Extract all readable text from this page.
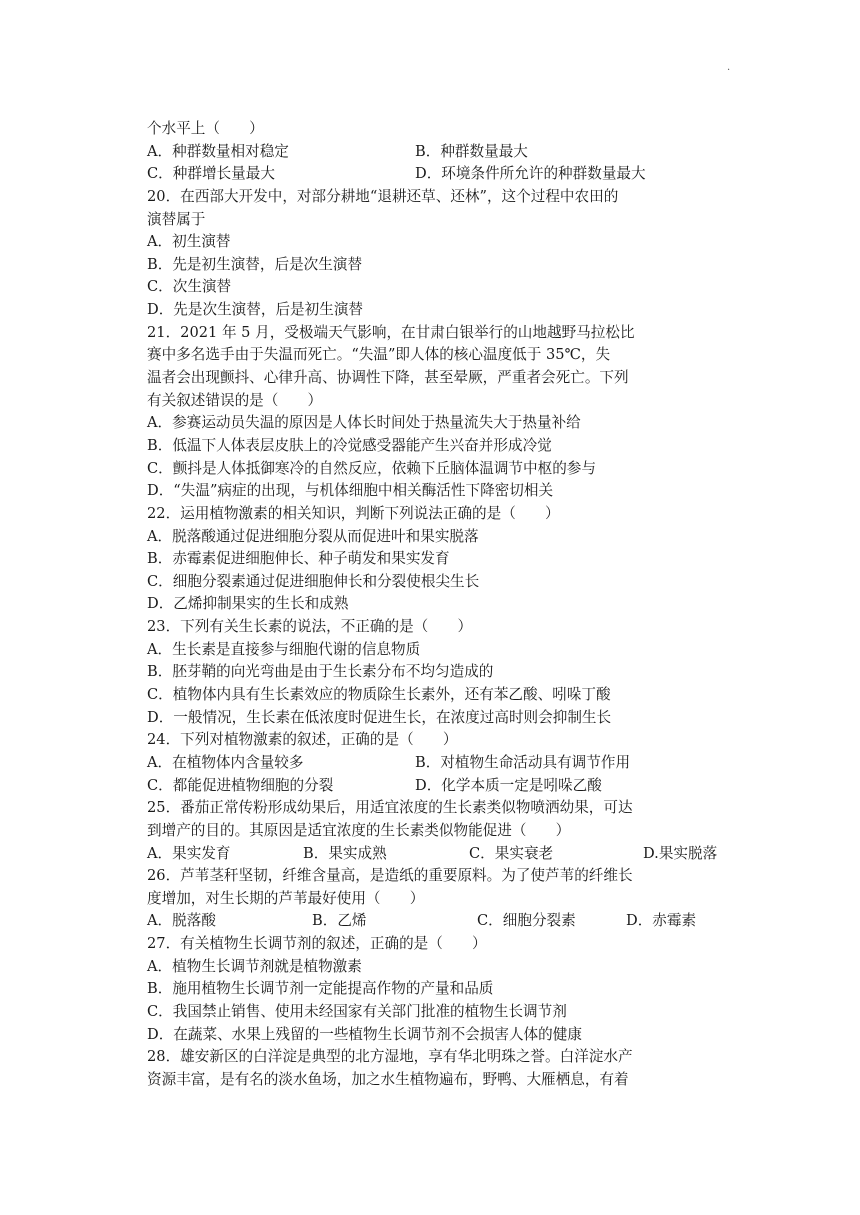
.
个水平上（　　）
A．种群数量相对稳定	B．种群数量最大
C．种群增长量最大	D．环境条件所允许的种群数量最大
20．在西部大开发中，对部分耕地“退耕还草、还林”，这个过程中农田的
演替属于
A．初生演替
B．先是初生演替，后是次生演替
C．次生演替
D．先是次生演替，后是初生演替
21．2021 年 5 月，受极端天气影响，在甘肃白银举行的山地越野马拉松比
赛中多名选手由于失温而死亡。“失温”即人体的核心温度低于 35℃，失
温者会出现颤抖、心律升高、协调性下降，甚至晕厥，严重者会死亡。下列
有关叙述错误的是（　　）
A．参赛运动员失温的原因是人体长时间处于热量流失大于热量补给
B．低温下人体表层皮肤上的冷觉感受器能产生兴奋并形成冷觉
C．颤抖是人体抵御寒冷的自然反应，依赖下丘脑体温调节中枢的参与
D．“失温”病症的出现，与机体细胞中相关酶活性下降密切相关
22．运用植物激素的相关知识，判断下列说法正确的是（　　）
A．脱落酸通过促进细胞分裂从而促进叶和果实脱落
B．赤霉素促进细胞伸长、种子萌发和果实发育
C．细胞分裂素通过促进细胞伸长和分裂使根尖生长
D．乙烯抑制果实的生长和成熟
23．下列有关生长素的说法，不正确的是（　　）
A．生长素是直接参与细胞代谢的信息物质
B．胚芽鞘的向光弯曲是由于生长素分布不均匀造成的
C．植物体内具有生长素效应的物质除生长素外，还有苯乙酸、吲哚丁酸
D．一般情况，生长素在低浓度时促进生长，在浓度过高时则会抑制生长
24．下列对植物激素的叙述，正确的是（　　）
A．在植物体内含量较多	B．对植物生命活动具有调节作用
C．都能促进植物细胞的分裂	D．化学本质一定是吲哚乙酸
25．番茄正常传粉形成幼果后，用适宜浓度的生长素类似物喷洒幼果，可达
到增产的目的。其原因是适宜浓度的生长素类似物能促进（　　）
A．果实发育	B．果实成熟	C．果实衰老	D.果实脱落
26．芦苇茎秆坚韧，纤维含量高，是造纸的重要原料。为了使芦苇的纤维长
度增加，对生长期的芦苇最好使用（　　）
A．脱落酸	B．乙烯	C．细胞分裂素	D．赤霉素
27．有关植物生长调节剂的叙述，正确的是（　　）
A．植物生长调节剂就是植物激素
B．施用植物生长调节剂一定能提高作物的产量和品质
C．我国禁止销售、使用未经国家有关部门批准的植物生长调节剂
D．在蔬菜、水果上残留的一些植物生长调节剂不会损害人体的健康
28．雄安新区的白洋淀是典型的北方湿地，享有华北明珠之誉。白洋淀水产
资源丰富，是有名的淡水鱼场，加之水生植物遍布，野鸭、大雁栖息，有着
